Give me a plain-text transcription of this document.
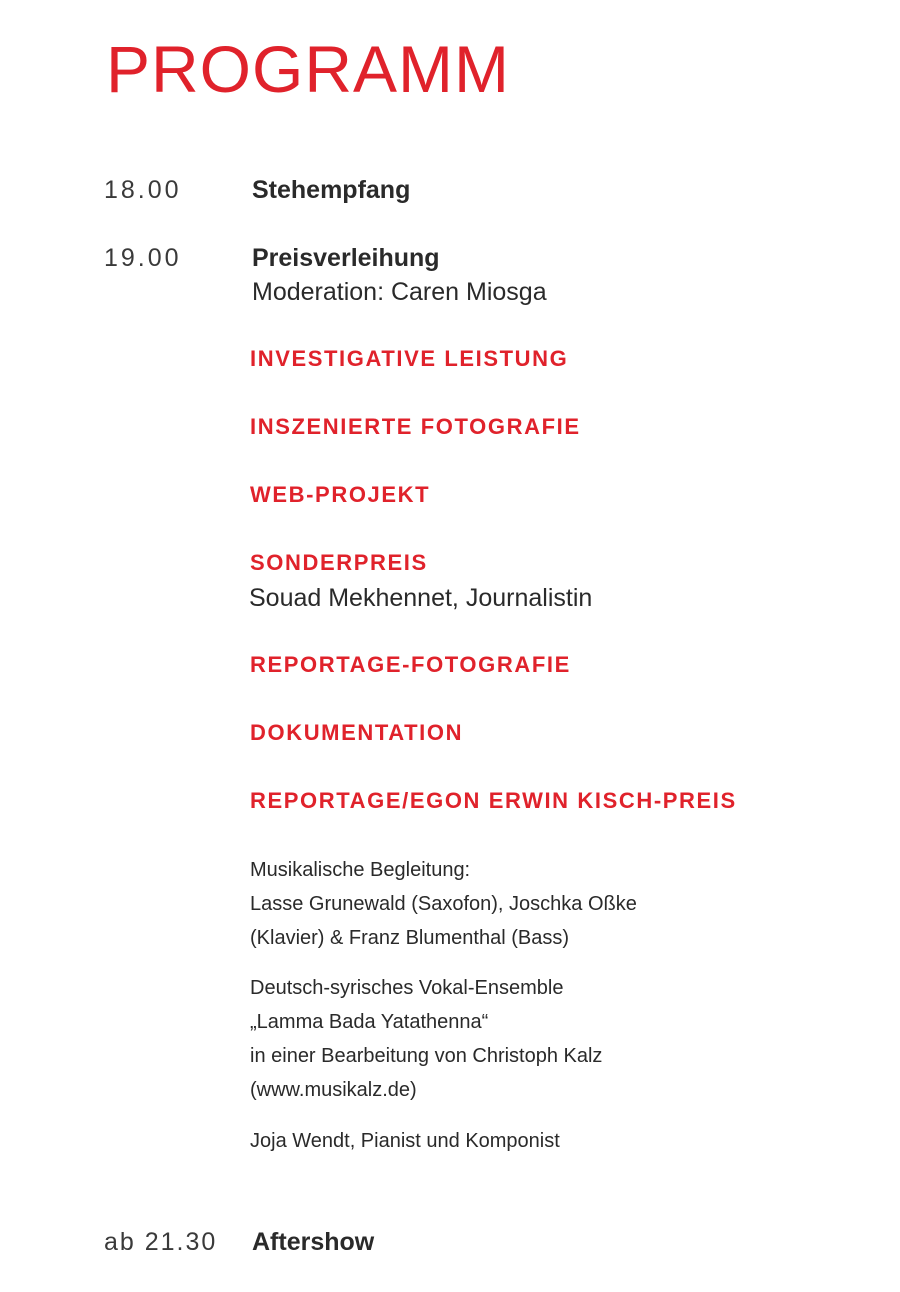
PROGRAMM

18.00	Stehempfang

19.00	Preisverleihung

Moderation: Caren Miosga

INVESTIGATIVE LEISTUNG

INSZENIERTE FOTOGRAFIE

WEB-PROJEKT

SONDERPREIS

Souad Mekhennet, Journalistin

REPORTAGE-FOTOGRAFIE

DOKUMENTATION

REPORTAGE/EGON ERWIN KISCH-PREIS

Musikalische Begleitung:
Lasse Grunewald (Saxofon), Joschka Oßke
(Klavier) & Franz Blumenthal (Bass)
Deutsch-syrisches Vokal-Ensemble
„Lamma Bada Yatathenna“
in einer Bearbeitung von Christoph Kalz
(www.musikalz.de)
Joja Wendt, Pianist und Komponist

ab 21.30 Aftershow
